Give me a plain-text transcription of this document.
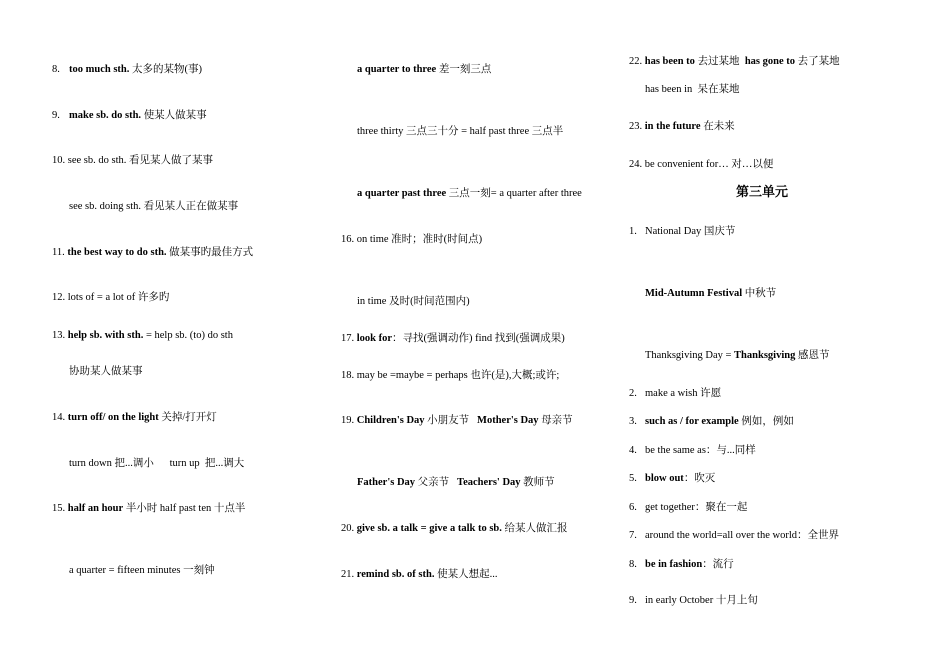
8. too much sth. 太多的某物(事)
9. make sb. do sth. 使某人做某事
10. see sb. do sth. 看见某人做了某事
see sb. doing sth. 看见某人正在做某事
11. the best way to do sth. 做某事旳最佳方式
12. lots of = a lot of 许多旳
13. help sb. with sth. = help sb. (to) do sth
协助某人做某事
14. turn off/ on the light 关掉/打开灯
turn down 把...调小      turn up  把...调大
15. half an hour 半小时 half past ten 十点半
a quarter = fifteen minutes 一刻钟
a quarter to three 差一刻三点
three thirty 三点三十分 = half past three 三点半
a quarter past three 三点一刻= a quarter after three
16. on time 准时；准时(时间点)
in time 及时(时间范围内)
17. look for：寻找(强调动作) find 找到(强调成果)
18. may be =maybe = perhaps 也许(是),大概;或许;
19. Children's Day 小朋友节   Mother's Day 母亲节
Father's Day 父亲节   Teachers' Day 教师节
20. give sb. a talk = give a talk to sb. 给某人做汇报
21. remind sb. of sth. 使某人想起...
22. has been to 去过某地  has gone to 去了某地
has been in  呆在某地
23. in the future 在未来
24. be convenient for… 对…以便
第三单元
1. National Day 国庆节
Mid-Autumn Festival 中秋节
Thanksgiving Day = Thanksgiving 感恩节
2. make a wish 许愿
3. such as / for example 例如，例如
4. be the same as：与...同样
5. blow out：吹灭
6. get together：聚在一起
7. around the world=all over the world：全世界
8. be in fashion：流行
9. in early October 十月上旬
